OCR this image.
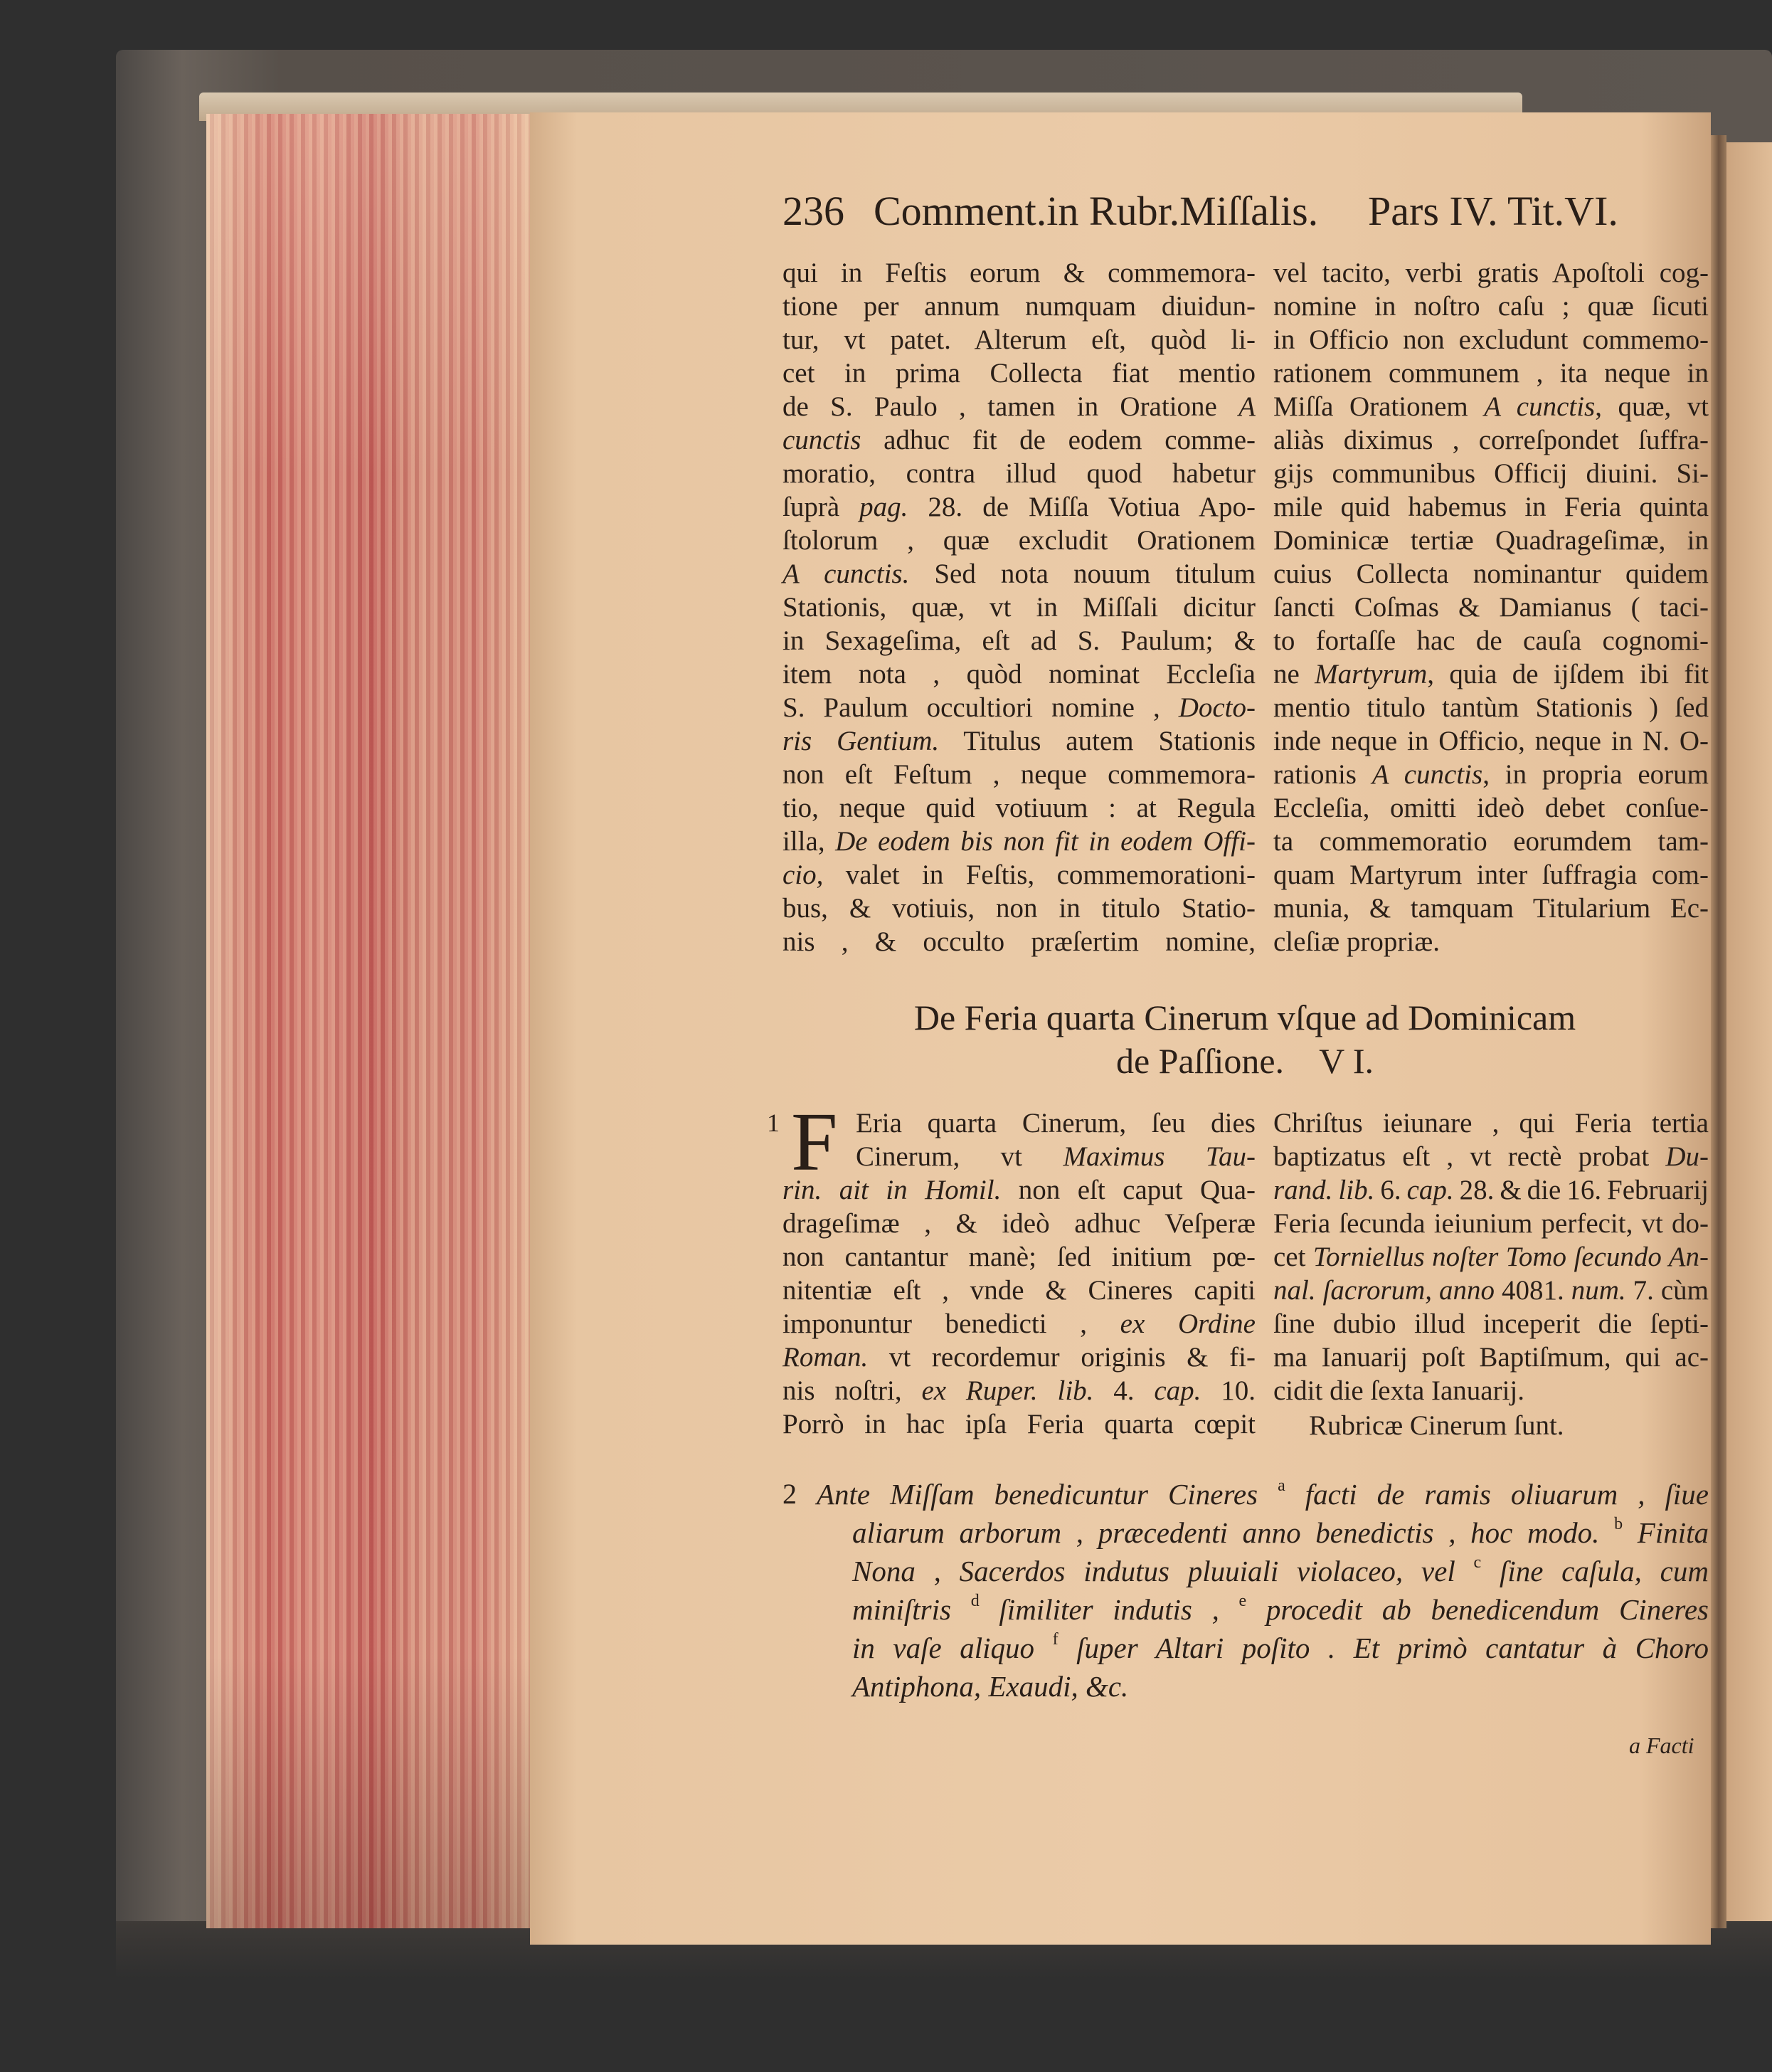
236 Comment.in Rubr.Miſſalis. Pars IV. Tit.VI.
qui in Feſtis eorum & commemora-
tione per annum numquam diuidun-
tur, vt patet. Alterum eſt, quòd li-
cet in prima Collecta fiat mentio
de S. Paulo , tamen in Oratione A
cunctis adhuc fit de eodem comme-
moratio, contra illud quod habetur
ſuprà pag. 28. de Miſſa Votiua Apo-
ſtolorum , quæ excludit Orationem
A cunctis. Sed nota nouum titulum
Stationis, quæ, vt in Miſſali dicitur
in Sexageſima, eſt ad S. Paulum; &
item nota , quòd nominat Eccleſia
S. Paulum occultiori nomine , Docto-
ris Gentium. Titulus autem Stationis
non eſt Feſtum , neque commemora-
tio, neque quid votiuum : at Regula
illa, De eodem bis non fit in eodem Offi-
cio, valet in Feſtis, commemorationi-
bus, & votiuis, non in titulo Statio-
nis , & occulto præſertim nomine,
vel tacito, verbi gratis Apoſtoli cog-
nomine in noſtro caſu ; quæ ſicuti
in Officio non excludunt commemo-
rationem communem , ita neque in
Miſſa Orationem A cunctis, quæ, vt
aliàs diximus , correſpondet ſuffra-
gijs communibus Officij diuini. Si-
mile quid habemus in Feria quinta
Dominicæ tertiæ Quadrageſimæ, in
cuius Collecta nominantur quidem
ſancti Coſmas & Damianus ( taci-
to fortaſſe hac de cauſa cognomi-
ne Martyrum, quia de ijſdem ibi fit
mentio titulo tantùm Stationis ) ſed
inde neque in Officio, neque in N. O-
rationis A cunctis, in propria eorum
Eccleſia, omitti ideò debet conſue-
ta commemoratio eorumdem tam-
quam Martyrum inter ſuffragia com-
munia, & tamquam Titularium Ec-
cleſiæ propriæ.
De Feria quarta Cinerum vſque ad Dominicam
de Paſſione.    V I.
1 F Eria quarta Cinerum, ſeu dies
Cinerum, vt Maximus Tau-
rin. ait in Homil. non eſt caput Qua-
drageſimæ , & ideò adhuc Veſperæ
non cantantur manè; ſed initium pœ-
nitentiæ eſt , vnde & Cineres capiti
imponuntur benedicti , ex Ordine
Roman. vt recordemur originis & fi-
nis noſtri, ex Ruper. lib. 4. cap. 10.
Porrò in hac ipſa Feria quarta cœpit
Chriſtus ieiunare , qui Feria tertia
baptizatus eſt , vt rectè probat Du-
rand. lib. 6. cap. 28. & die 16. Februarij
Feria ſecunda ieiunium perfecit, vt do-
cet Torniellus noſter Tomo ſecundo An-
nal. ſacrorum, anno 4081. num. 7. cùm
ſine dubio illud inceperit die ſepti-
ma Ianuarij poſt Baptiſmum, qui ac-
cidit die ſexta Ianuarij.
Rubricæ Cinerum ſunt.
2 Ante Miſſam benedicuntur Cineres $^a$ facti de ramis oliuarum , ſiue
aliarum arborum , præcedenti anno benedictis , hoc modo. $^b$ Finita
Nona , Sacerdos indutus pluuiali violaceo, vel $^c$ ſine caſula, cum
miniſtris $^d$ ſimiliter indutis , $^e$ procedit ab benedicendum Cineres
in vaſe aliquo $^f$ ſuper Altari poſito . Et primò cantatur à Choro
Antiphona, Exaudi, &c.
a Facti
